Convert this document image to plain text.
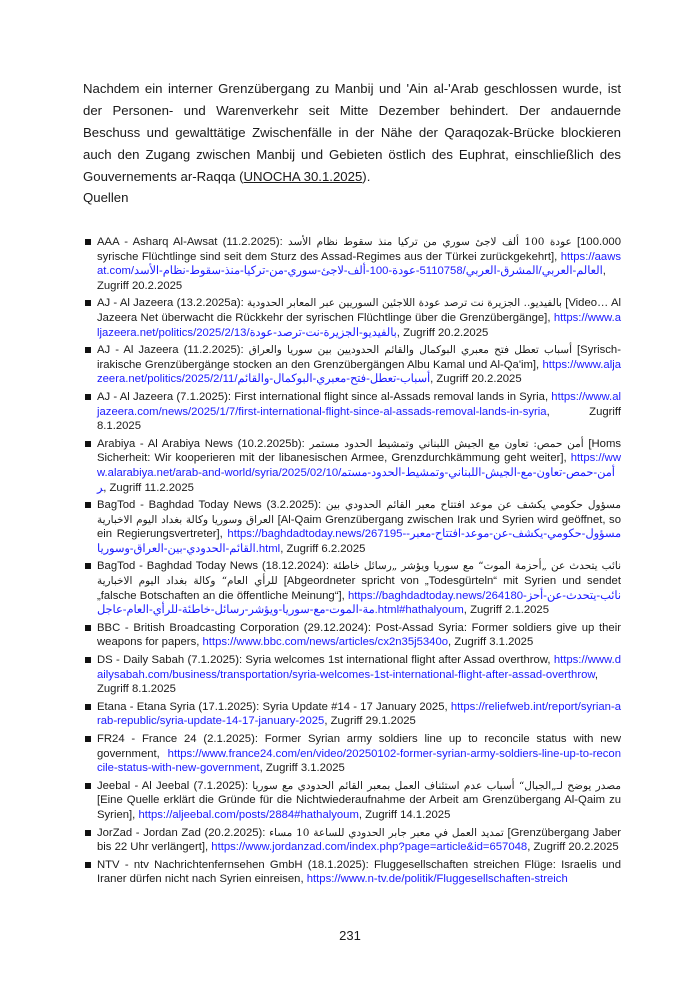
Nachdem ein interner Grenzübergang zu Manbij und 'Ain al-'Arab geschlossen wurde, ist der Personen- und Warenverkehr seit Mitte Dezember behindert. Der andauernde Beschuss und gewalttätige Zwischenfälle in der Nähe der Qaraqozak-Brücke blockieren auch den Zugang zwischen Manbij und Gebieten östlich des Euphrat, einschließlich des Gouvernements ar-Raqqa (UNOCHA 30.1.2025).
Quellen
AAA - Asharq Al-Awsat (11.2.2025): عودة 100 ألف لاجئ سوري من تركيا منذ سقوط نظام الأسد [100.000 syrische Flüchtlinge sind seit dem Sturz des Assad-Regimes aus der Türkei zurückgekehrt], https://aawsat.com/العالم-العربي/المشرق-العربي/5110758-عودة-100-ألف-لاجئ-سوري-من-تركيا-منذ-سقوط-نظام-الأسد, Zugriff 20.2.2025
AJ - Al Jazeera (13.2.2025a): بالفيديو.. الجزيرة نت ترصد عودة اللاجئين السوريين عبر المعابر الحدودية [Video… Al Jazeera Net überwacht die Rückkehr der syrischen Flüchtlinge über die Grenzübergänge], https://www.aljazeera.net/politics/2025/2/13/بالفيديو-الجزيرة-نت-ترصد-عودة, Zugriff 20.2.2025
AJ - Al Jazeera (11.2.2025): أسباب تعطل فتح معبري البوكمال والقائم الحدوديين بين سوريا والعراق [Syrisch-irakische Grenzübergänge stocken an den Grenzübergängen Albu Kamal und Al-Qa'im], https://www.aljazeera.net/politics/2025/2/11/أسباب-تعطل-فتح-معبري-البوكمال-والقائم, Zugriff 20.2.2025
AJ - Al Jazeera (7.1.2025): First international flight since al-Assads removal lands in Syria, https://www.aljazeera.com/news/2025/1/7/first-international-flight-since-al-assads-removal-lands-in-syria, Zugriff 8.1.2025
Arabiya - Al Arabiya News (10.2.2025b): أمن حمص: تعاون مع الجيش اللبناني وتمشيط الحدود مستمر [Homs Sicherheit: Wir kooperieren mit der libanesischen Armee, Grenzdurchkämmung geht weiter], https://www.alarabiya.net/arab-and-world/syria/2025/02/10/أمن-حمص-تعاون-مع-الجيش-اللبناني-وتمشيط-الحدود-مستمر, Zugriff 11.2.2025
BagTod - Baghdad Today News (3.2.2025): مسؤول حكومي يكشف عن موعد افتتاح معبر القائم الحدودي بين العراق وسوريا وكالة بغداد اليوم الاخبارية [Al-Qaim Grenzübergang zwischen Irak und Syrien wird geöffnet, so ein Regierungsvertreter], https://baghdadtoday.news/267195-مسؤول-حكومي-يكشف-عن-موعد-افتتاح-معبر-القائم-الحدودي-بين-العراق-وسوريا.html, Zugriff 6.2.2025
BagTod - Baghdad Today News (18.12.2024): نائب يتحدث عن „أحزمة الموت“ مع سوريا ويؤشر „رسائل خاطئة للرأي العام“ وكالة بغداد اليوم الاخبارية [Abgeordneter spricht von „Todesgürteln“ mit Syrien und sendet „falsche Botschaften an die öffentliche Meinung“], https://baghdadtoday.news/264180-نائب-يتحدث-عن-أحزمة-الموت-مع-سوريا-ويؤشر-رسائل-خاطئة-للرأي-العام-عاجل.html#hathalyoum, Zugriff 2.1.2025
BBC - British Broadcasting Corporation (29.12.2024): Post-Assad Syria: Former soldiers give up their weapons for papers, https://www.bbc.com/news/articles/cx2n35j5340o, Zugriff 3.1.2025
DS - Daily Sabah (7.1.2025): Syria welcomes 1st international flight after Assad overthrow, https://www.dailysabah.com/business/transportation/syria-welcomes-1st-international-flight-after-assad-overthrow, Zugriff 8.1.2025
Etana - Etana Syria (17.1.2025): Syria Update #14 - 17 January 2025, https://reliefweb.int/report/syrian-arab-republic/syria-update-14-17-january-2025, Zugriff 29.1.2025
FR24 - France 24 (2.1.2025): Former Syrian army soldiers line up to reconcile status with new government, https://www.france24.com/en/video/20250102-former-syrian-army-soldiers-line-up-to-reconcile-status-with-new-government, Zugriff 3.1.2025
Jeebal - Al Jeebal (7.1.2025): مصدر يوضح لـ„الجبال“ أسباب عدم استئناف العمل بمعبر القائم الحدودي مع سوريا [Eine Quelle erklärt die Gründe für die Nichtwiederaufnahme der Arbeit am Grenzübergang Al-Qaim zu Syrien], https://aljeebal.com/posts/2884#hathalyoum, Zugriff 14.1.2025
JorZad - Jordan Zad (20.2.2025): تمديد العمل في معبر جابر الحدودي للساعة 10 مساء [Grenzübergang Jaber bis 22 Uhr verlängert], https://www.jordanzad.com/index.php?page=article&id=657048, Zugriff 20.2.2025
NTV - ntv Nachrichtenfernsehen GmbH (18.1.2025): Fluggesellschaften streichen Flüge: Israelis und Iraner dürfen nicht nach Syrien einreisen, https://www.n-tv.de/politik/Fluggesellschaften-streich
231
